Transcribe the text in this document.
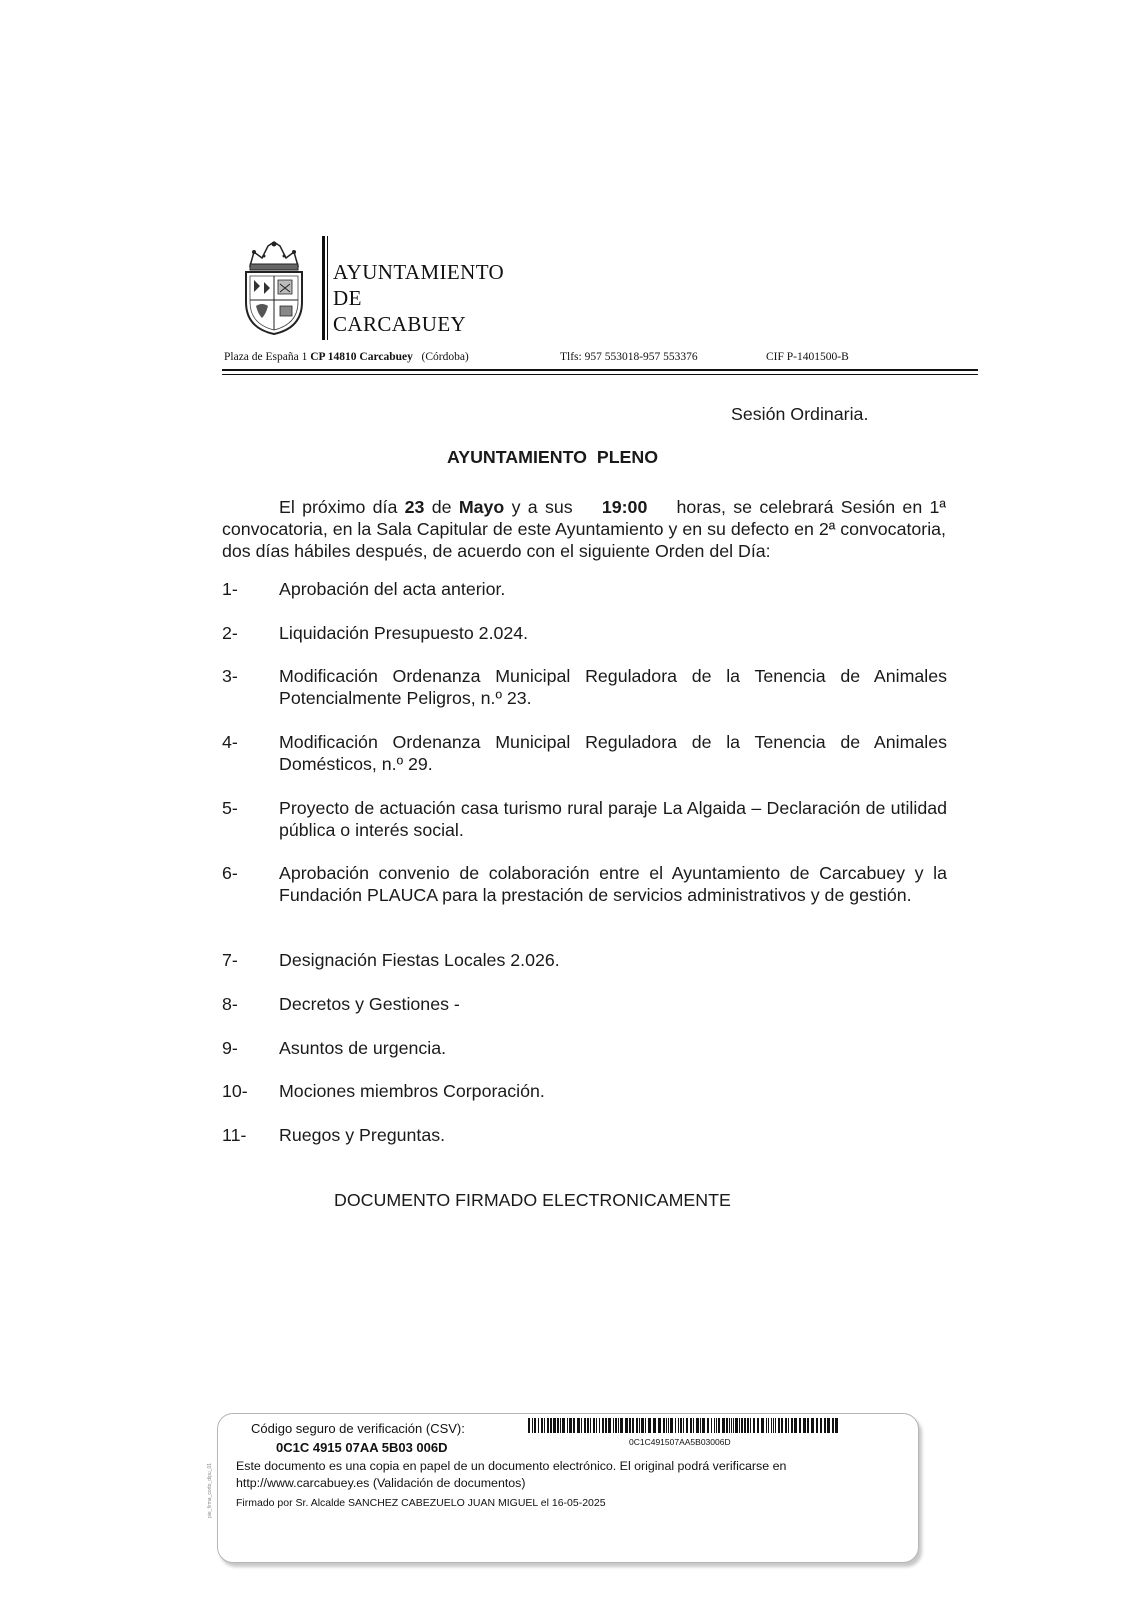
AYUNTAMIENTO
DE
CARCABUEY
Plaza de España 1 CP 14810 Carcabuey (Córdoba)	Tlfs: 957 553018-957 553376	CIF P-1401500-B
Sesión Ordinaria.
AYUNTAMIENTO  PLENO
El próximo día 23 de Mayo y a sus    19:00    horas, se celebrará Sesión en 1ª convocatoria, en la Sala Capitular de este Ayuntamiento y en su defecto en 2ª convocatoria, dos días hábiles después, de acuerdo con el siguiente Orden del Día:
1- Aprobación del acta anterior.
2- Liquidación Presupuesto 2.024.
3- Modificación Ordenanza Municipal Reguladora de la Tenencia de Animales Potencialmente Peligros, n.º 23.
4- Modificación Ordenanza Municipal Reguladora de la Tenencia de Animales Domésticos, n.º 29.
5- Proyecto de actuación casa turismo rural paraje La Algaida – Declaración de utilidad pública o interés social.
6- Aprobación convenio de colaboración entre el Ayuntamiento de Carcabuey y la Fundación PLAUCA para la prestación de servicios administrativos y de gestión.
7- Designación Fiestas Locales 2.026.
8- Decretos y Gestiones -
9- Asuntos de urgencia.
10- Mociones miembros Corporación.
11- Ruegos y Preguntas.
DOCUMENTO FIRMADO ELECTRONICAMENTE
pie_firma_corto_dipu_01
Código seguro de verificación (CSV):
0C1C 4915 07AA 5B03 006D	0C1C491507AA5B03006D
Este documento es una copia en papel de un documento electrónico. El original podrá verificarse en
http://www.carcabuey.es (Validación de documentos)
Firmado por Sr. Alcalde SANCHEZ CABEZUELO JUAN MIGUEL el 16-05-2025
